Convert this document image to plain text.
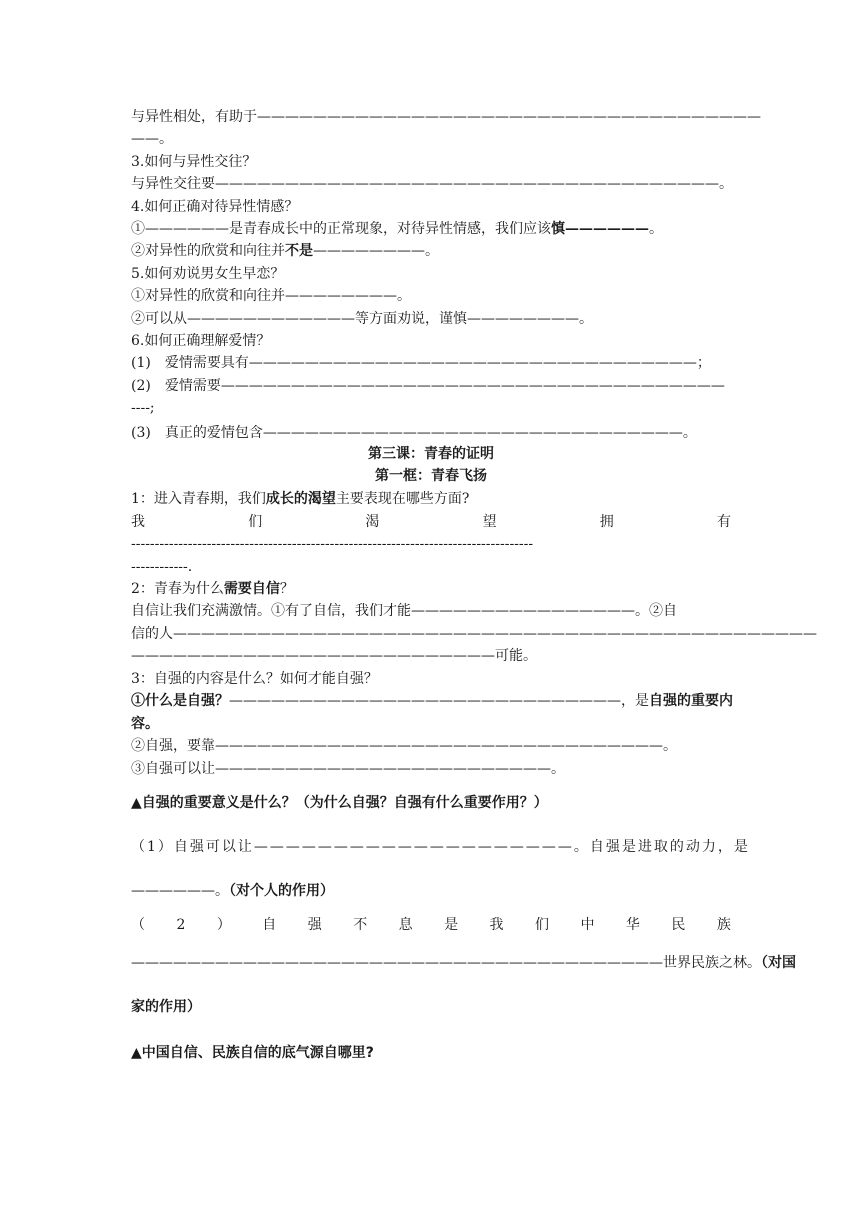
与异性相处，有助于————————————————————————————————————
——。
3.如何与异性交往？
与异性交往要————————————————————————————————————。
4.如何正确对待异性情感？
①——————是青春成长中的正常现象，对待异性情感，我们应该慎——————。
②对异性的欣赏和向往并不是————————。
5.如何劝说男女生早恋？
①对异性的欣赏和向往并————————。
②可以从————————————等方面劝说，谨慎————————。
6.如何正确理解爱情？
(1)　爱情需要具有————————————————————————————————；
(2)　爱情需要————————————————————————————————————
----;
(3)　真正的爱情包含——————————————————————————————。
第三课：青春的证明
第一框：青春飞扬
1：进入青春期，我们成长的渴望主要表现在哪些方面?
我	们	渴	望	拥	有
-------------------------------------------------------------------------------------
------------.
2：青春为什么需要自信？
自信让我们充满激情。①有了自信，我们才能————————————————。②自
信的人——————————————————————————————————————————————
——————————————————————————可能。
3：自强的内容是什么？如何才能自强？
①什么是自强？————————————————————————————，是自强的重要内
容。
②自强，要靠————————————————————————————————。
③自强可以让————————————————————————。
▲自强的重要意义是什么？（为什么自强？自强有什么重要作用？）
（1）自强可以让————————————————————。自强是进取的动力，是
——————。（对个人的作用）
（ 2 ） 自 强 不 息 是 我 们 中 华 民 族
——————————————————————————————————————世界民族之林。（对国
家的作用）
▲中国自信、民族自信的底气源自哪里?
